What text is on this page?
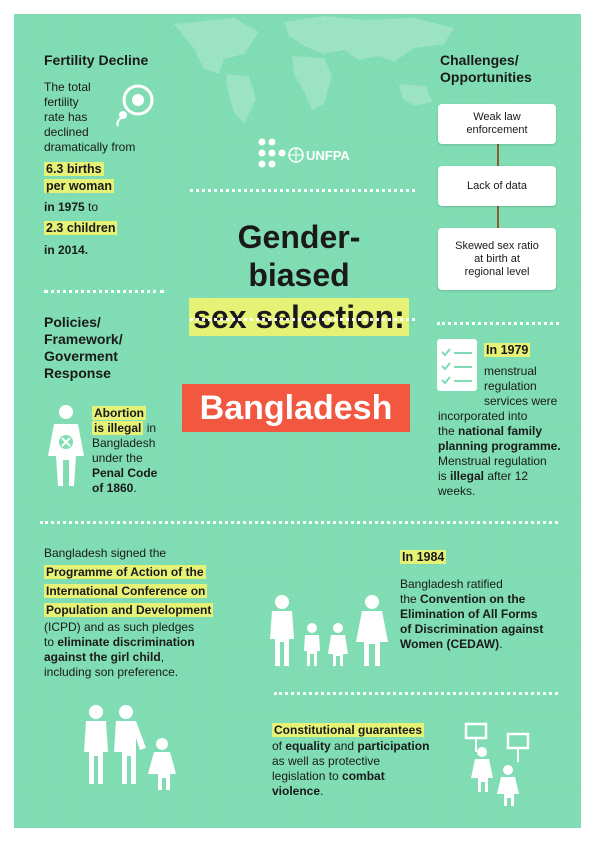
Fertility Decline
The total
fertility
rate has
declined
dramatically from
6.3 births
per woman
in 1975 to
2.3 children
in 2014.
UNFPA
Gender-biased
sex selection:
Challenges/
Opportunities
Weak law
enforcement
Lack of data
Skewed sex ratio
at birth at
regional level
Policies/
Framework/
Goverment
Response
Bangladesh
Abortion
is illegal in
Bangladesh
under the
Penal Code
of 1860.
In 1979
menstrual
regulation
services were
incorporated into
the national family
planning programme.
Menstrual regulation
is illegal after 12
weeks.
Bangladesh signed the
Programme of Action of the
International Conference on
Population and Development
(ICPD) and as such pledges
to eliminate discrimination
against the girl child,
including son preference.
In 1984
Bangladesh ratified
the Convention on the
Elimination of All Forms
of Discrimination against
Women (CEDAW).
Constitutional guarantees
of equality and participation
as well as protective
legislation to combat
violence.
